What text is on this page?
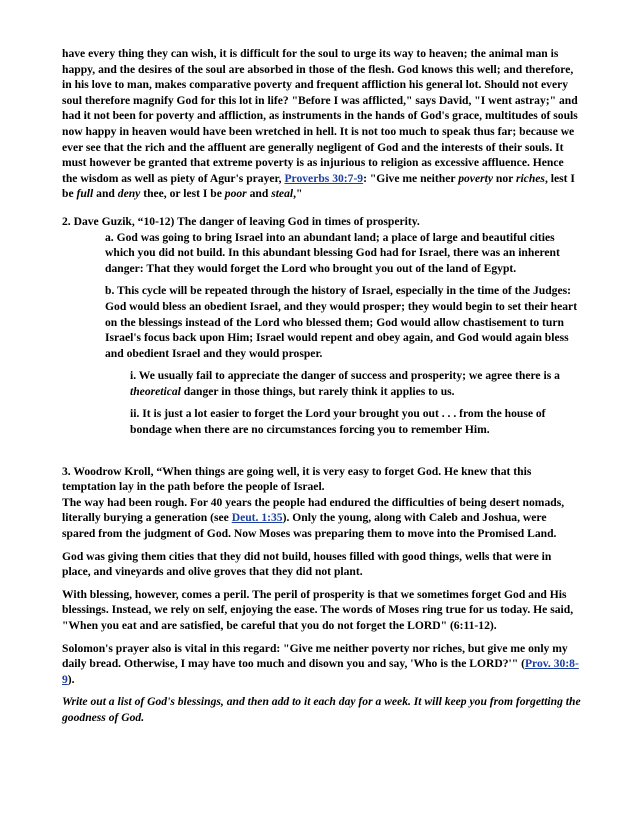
have every thing they can wish, it is difficult for the soul to urge its way to heaven; the animal man is happy, and the desires of the soul are absorbed in those of the flesh. God knows this well; and therefore, in his love to man, makes comparative poverty and frequent affliction his general lot. Should not every soul therefore magnify God for this lot in life? "Before I was afflicted," says David, "I went astray;" and had it not been for poverty and affliction, as instruments in the hands of God's grace, multitudes of souls now happy in heaven would have been wretched in hell. It is not too much to speak thus far; because we ever see that the rich and the affluent are generally negligent of God and the interests of their souls. It must however be granted that extreme poverty is as injurious to religion as excessive affluence. Hence the wisdom as well as piety of Agur's prayer, Proverbs 30:7-9: "Give me neither poverty nor riches, lest I be full and deny thee, or lest I be poor and steal,"

2. Dave Guzik, “10-12) The danger of leaving God in times of prosperity.

a. God was going to bring Israel into an abundant land; a place of large and beautiful cities which you did not build. In this abundant blessing God had for Israel, there was an inherent danger: That they would forget the Lord who brought you out of the land of Egypt.

b. This cycle will be repeated through the history of Israel, especially in the time of the Judges: God would bless an obedient Israel, and they would prosper; they would begin to set their heart on the blessings instead of the Lord who blessed them; God would allow chastisement to turn Israel's focus back upon Him; Israel would repent and obey again, and God would again bless and obedient Israel and they would prosper.

i. We usually fail to appreciate the danger of success and prosperity; we agree there is a theoretical danger in those things, but rarely think it applies to us.

ii. It is just a lot easier to forget the Lord your brought you out . . . from the house of bondage when there are no circumstances forcing you to remember Him.

3. Woodrow Kroll, “When things are going well, it is very easy to forget God. He knew that this temptation lay in the path before the people of Israel.

The way had been rough. For 40 years the people had endured the difficulties of being desert nomads, literally burying a generation (see Deut. 1:35). Only the young, along with Caleb and Joshua, were spared from the judgment of God. Now Moses was preparing them to move into the Promised Land.

God was giving them cities that they did not build, houses filled with good things, wells that were in place, and vineyards and olive groves that they did not plant.

With blessing, however, comes a peril. The peril of prosperity is that we sometimes forget God and His blessings. Instead, we rely on self, enjoying the ease. The words of Moses ring true for us today. He said, "When you eat and are satisfied, be careful that you do not forget the LORD" (6:11-12).

Solomon's prayer also is vital in this regard: "Give me neither poverty nor riches, but give me only my daily bread. Otherwise, I may have too much and disown you and say, 'Who is the LORD?'" (Prov. 30:8-9).

Write out a list of God's blessings, and then add to it each day for a week. It will keep you from forgetting the goodness of God.
